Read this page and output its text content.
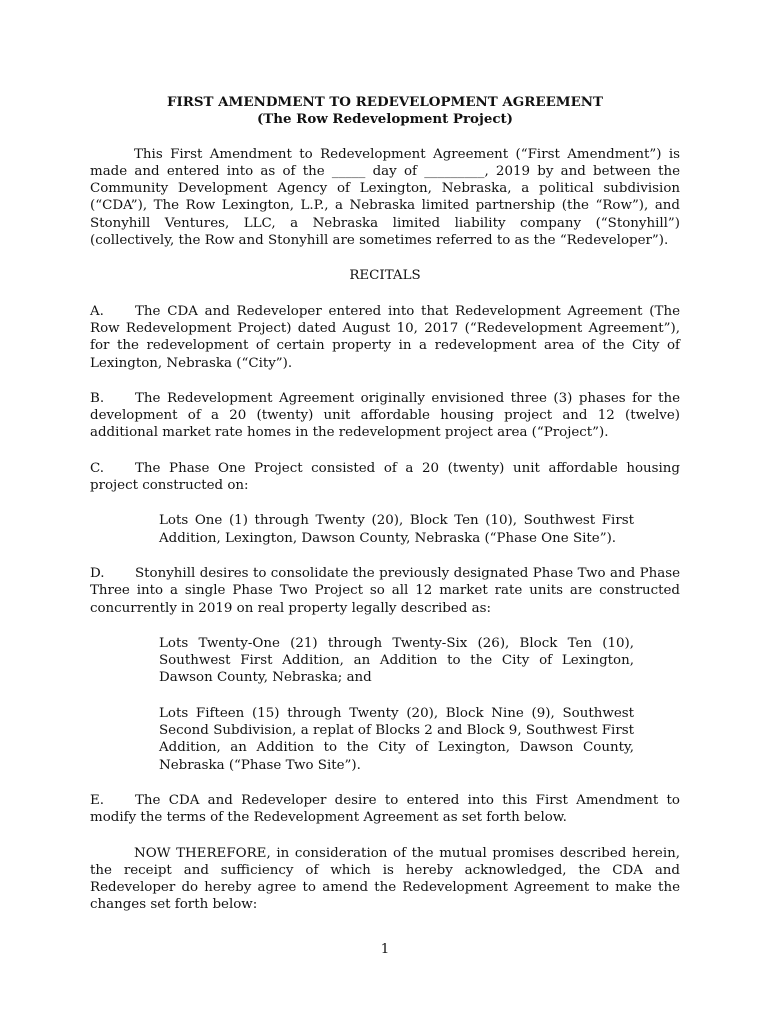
FIRST AMENDMENT TO REDEVELOPMENT AGREEMENT
(The Row Redevelopment Project)

This First Amendment to Redevelopment Agreement (“First Amendment”) is made and entered into as of the _____ day of _________, 2019 by and between the Community Development Agency of Lexington, Nebraska, a political subdivision (“CDA”), The Row Lexington, L.P., a Nebraska limited partnership (the “Row”), and Stonyhill Ventures, LLC, a Nebraska limited liability company (“Stonyhill”) (collectively, the Row and Stonyhill are sometimes referred to as the “Redeveloper”).

RECITALS

A. The CDA and Redeveloper entered into that Redevelopment Agreement (The Row Redevelopment Project) dated August 10, 2017 (“Redevelopment Agreement”), for the redevelopment of certain property in a redevelopment area of the City of Lexington, Nebraska (“City”).

B. The Redevelopment Agreement originally envisioned three (3) phases for the development of a 20 (twenty) unit affordable housing project and 12 (twelve) additional market rate homes in the redevelopment project area (“Project”).

C. The Phase One Project consisted of a 20 (twenty) unit affordable housing project constructed on:

Lots One (1) through Twenty (20), Block Ten (10), Southwest First Addition, Lexington, Dawson County, Nebraska (“Phase One Site”).

D. Stonyhill desires to consolidate the previously designated Phase Two and Phase Three into a single Phase Two Project so all 12 market rate units are constructed concurrently in 2019 on real property legally described as:

Lots Twenty-One (21) through Twenty-Six (26), Block Ten (10), Southwest First Addition, an Addition to the City of Lexington, Dawson County, Nebraska; and

Lots Fifteen (15) through Twenty (20), Block Nine (9), Southwest Second Subdivision, a replat of Blocks 2 and Block 9, Southwest First Addition, an Addition to the City of Lexington, Dawson County, Nebraska (“Phase Two Site”).

E. The CDA and Redeveloper desire to entered into this First Amendment to modify the terms of the Redevelopment Agreement as set forth below.

NOW THEREFORE, in consideration of the mutual promises described herein, the receipt and sufficiency of which is hereby acknowledged, the CDA and Redeveloper do hereby agree to amend the Redevelopment Agreement to make the changes set forth below:

1
